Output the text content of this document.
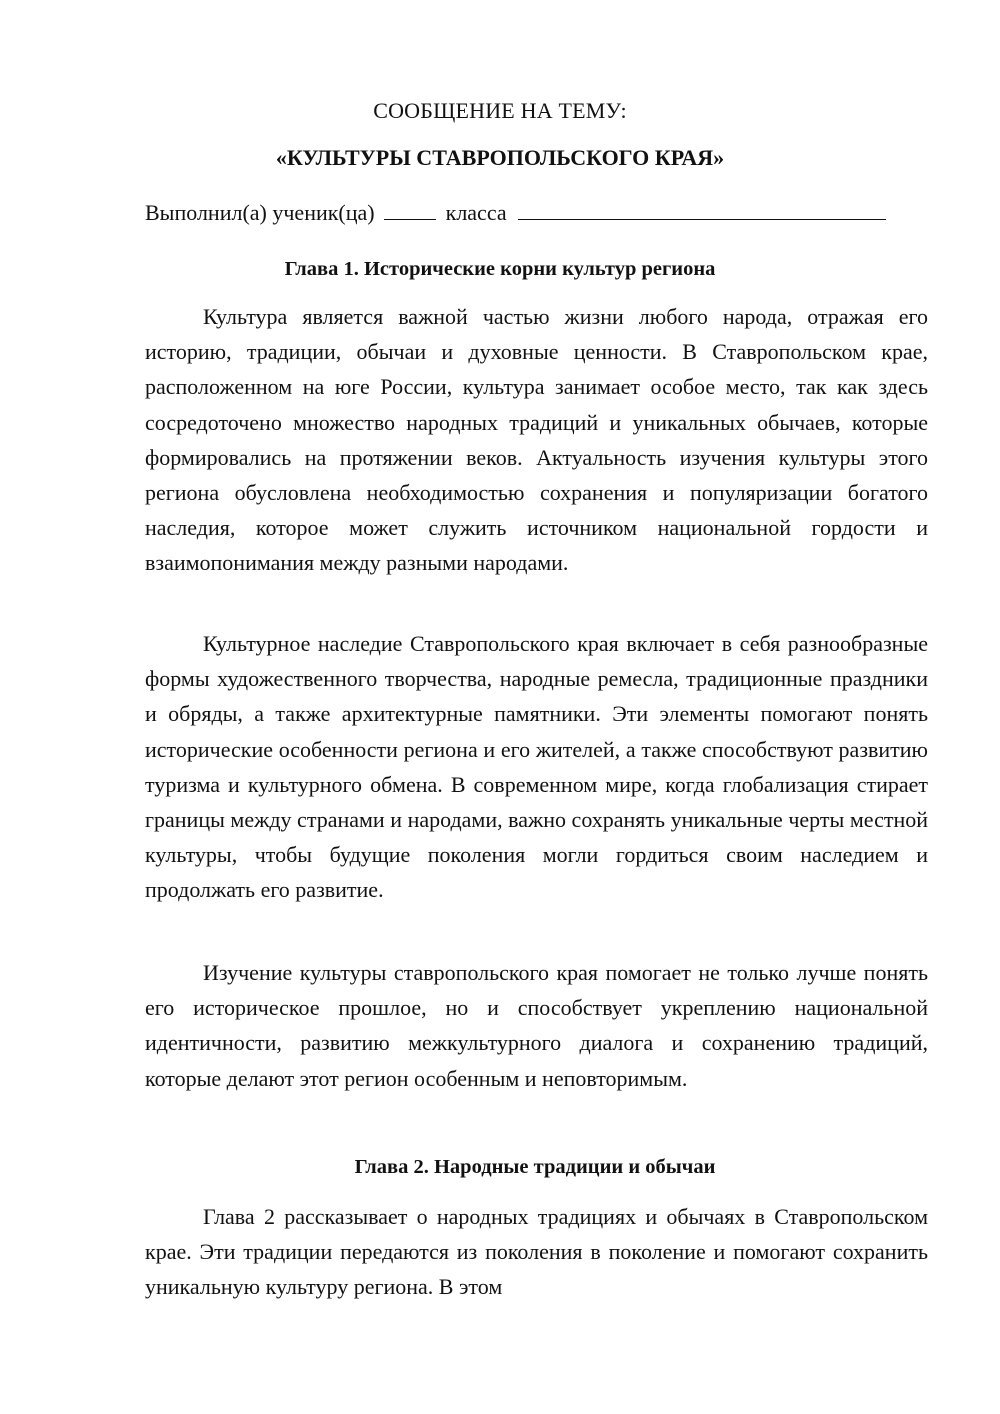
СООБЩЕНИЕ НА ТЕМУ:
«КУЛЬТУРЫ СТАВРОПОЛЬСКОГО КРАЯ»
Выполнил(а) ученик(ца)	класса
Глава 1. Исторические корни культур региона

Культура является важной частью жизни любого народа, отражая его историю, традиции, обычаи и духовные ценности. В Ставропольском крае, расположенном на юге России, культура занимает особое место, так как здесь сосредоточено множество народных традиций и уникальных обычаев, которые формировались на протяжении веков. Актуальность изучения культуры этого региона обусловлена необходимостью сохранения и популяризации богатого наследия, которое может служить источником национальной гордости и взаимопонимания между разными народами.

Культурное наследие Ставропольского края включает в себя разнообразные формы художественного творчества, народные ремесла, традиционные праздники и обряды, а также архитектурные памятники. Эти элементы помогают понять исторические особенности региона и его жителей, а также способствуют развитию туризма и культурного обмена. В современном мире, когда глобализация стирает границы между странами и народами, важно сохранять уникальные черты местной культуры, чтобы будущие поколения могли гордиться своим наследием и продолжать его развитие.

Изучение культуры ставропольского края помогает не только лучше понять его историческое прошлое, но и способствует укреплению национальной идентичности, развитию межкультурного диалога и сохранению традиций, которые делают этот регион особенным и неповторимым.

Глава 2. Народные традиции и обычаи

Глава 2 рассказывает о народных традициях и обычаях в Ставропольском крае. Эти традиции передаются из поколения в поколение и помогают сохранить уникальную культуру региона. В этом
